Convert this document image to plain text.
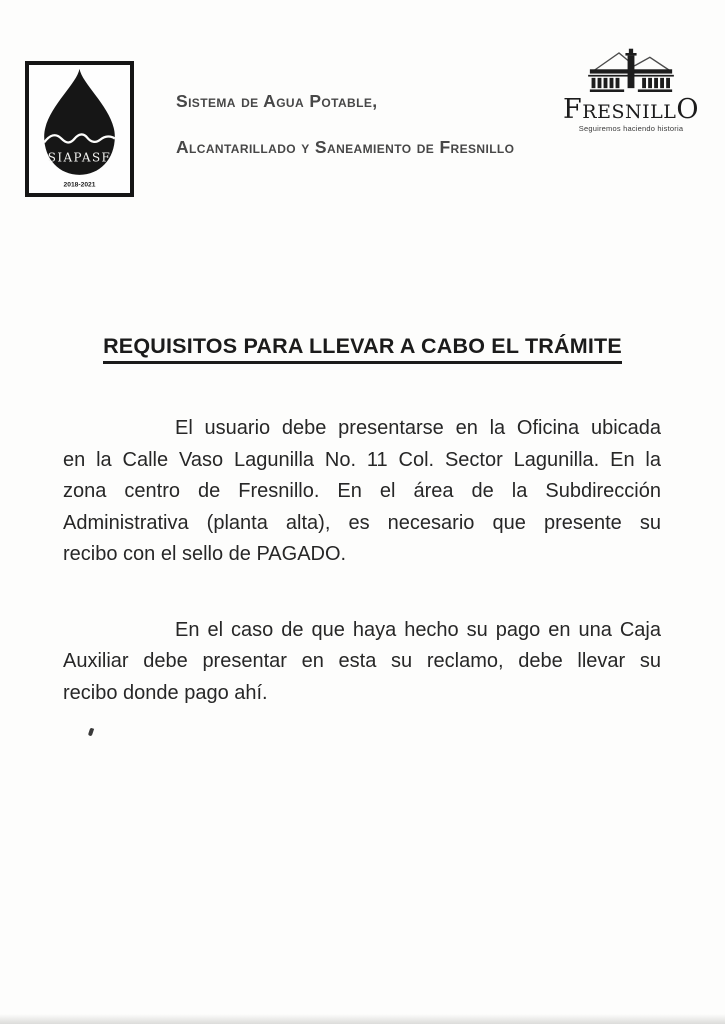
SIAPASF
2018-2021
Sistema de Agua Potable,
Alcantarillado y Saneamiento de Fresnillo
FresnillO
Seguiremos haciendo historia
REQUISITOS PARA LLEVAR A CABO EL TRÁMITE
El usuario debe presentarse en la Oficina ubicada
en la Calle Vaso Lagunilla No. 11 Col. Sector Lagunilla. En la
zona centro de Fresnillo. En el área de la Subdirección
Administrativa (planta alta), es necesario que presente su
recibo con el sello de PAGADO.
En el caso de que haya hecho su pago en una Caja
Auxiliar debe presentar en esta su reclamo, debe llevar su
recibo donde pago ahí.
